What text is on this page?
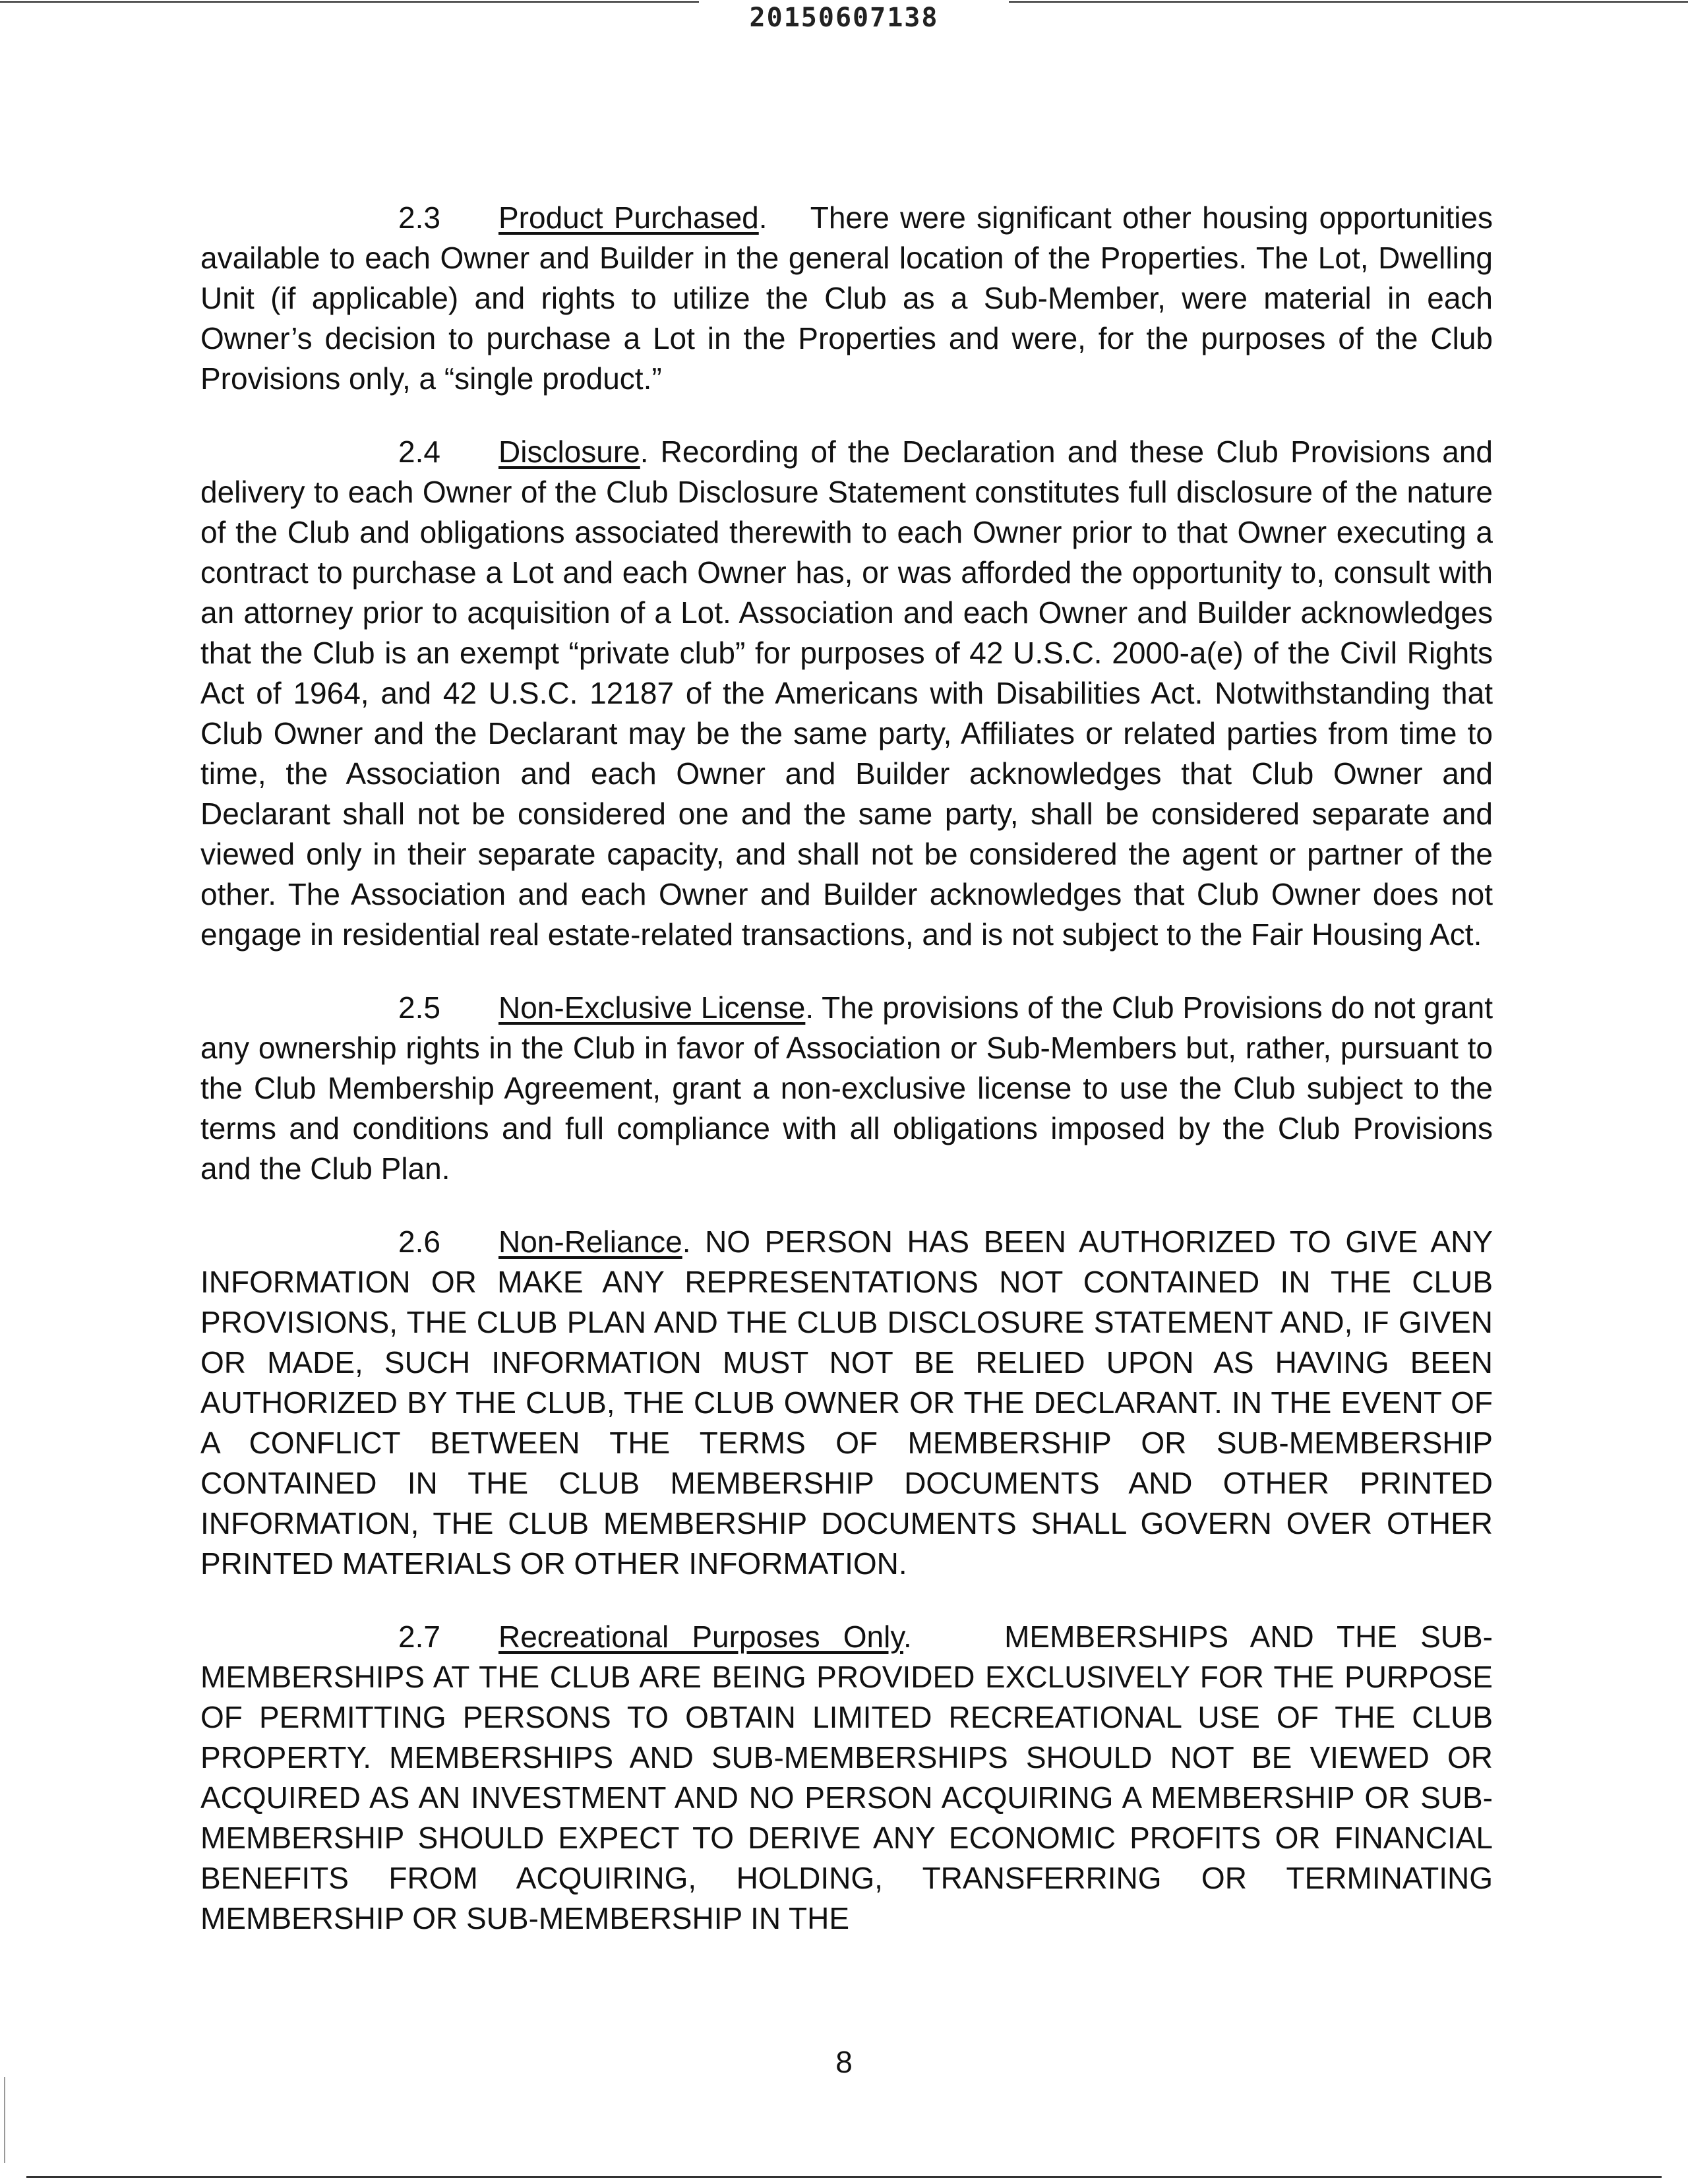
20150607138

2.3 Product Purchased.    There were significant other housing opportunities available to each Owner and Builder in the general location of the Properties. The Lot, Dwelling Unit (if applicable) and rights to utilize the Club as a Sub-Member, were material in each Owner’s decision to purchase a Lot in the Properties and were, for the purposes of the Club Provisions only, a “single product.”

2.4 Disclosure. Recording of the Declaration and these Club Provisions and delivery to each Owner of the Club Disclosure Statement constitutes full disclosure of the nature of the Club and obligations associated therewith to each Owner prior to that Owner executing a contract to purchase a Lot and each Owner has, or was afforded the opportunity to, consult with an attorney prior to acquisition of a Lot. Association and each Owner and Builder acknowledges that the Club is an exempt “private club” for purposes of 42 U.S.C. 2000-a(e) of the Civil Rights Act of 1964, and 42 U.S.C. 12187 of the Americans with Disabilities Act. Notwithstanding that Club Owner and the Declarant may be the same party, Affiliates or related parties from time to time, the Association and each Owner and Builder acknowledges that Club Owner and Declarant shall not be considered one and the same party, shall be considered separate and viewed only in their separate capacity, and shall not be considered the agent or partner of the other. The Association and each Owner and Builder acknowledges that Club Owner does not engage in residential real estate-related transactions, and is not subject to the Fair Housing Act.

2.5 Non-Exclusive License. The provisions of the Club Provisions do not grant any ownership rights in the Club in favor of Association or Sub-Members but, rather, pursuant to the Club Membership Agreement, grant a non-exclusive license to use the Club subject to the terms and conditions and full compliance with all obligations imposed by the Club Provisions and the Club Plan.

2.6 Non-Reliance. NO PERSON HAS BEEN AUTHORIZED TO GIVE ANY INFORMATION OR MAKE ANY REPRESENTATIONS NOT CONTAINED IN THE CLUB PROVISIONS, THE CLUB PLAN AND THE CLUB DISCLOSURE STATEMENT AND, IF GIVEN OR MADE, SUCH INFORMATION MUST NOT BE RELIED UPON AS HAVING BEEN AUTHORIZED BY THE CLUB, THE CLUB OWNER OR THE DECLARANT. IN THE EVENT OF A CONFLICT BETWEEN THE TERMS OF MEMBERSHIP OR SUB-MEMBERSHIP CONTAINED IN THE CLUB MEMBERSHIP DOCUMENTS AND OTHER PRINTED INFORMATION, THE CLUB MEMBERSHIP DOCUMENTS SHALL GOVERN OVER OTHER PRINTED MATERIALS OR OTHER INFORMATION.

2.7 Recreational Purposes Only.    MEMBERSHIPS AND THE SUB-MEMBERSHIPS AT THE CLUB ARE BEING PROVIDED EXCLUSIVELY FOR THE PURPOSE OF PERMITTING PERSONS TO OBTAIN LIMITED RECREATIONAL USE OF THE CLUB PROPERTY. MEMBERSHIPS AND SUB-MEMBERSHIPS SHOULD NOT BE VIEWED OR ACQUIRED AS AN INVESTMENT AND NO PERSON ACQUIRING A MEMBERSHIP OR SUB-MEMBERSHIP SHOULD EXPECT TO DERIVE ANY ECONOMIC PROFITS OR FINANCIAL BENEFITS FROM ACQUIRING, HOLDING, TRANSFERRING OR TERMINATING MEMBERSHIP OR SUB-MEMBERSHIP IN THE

8
